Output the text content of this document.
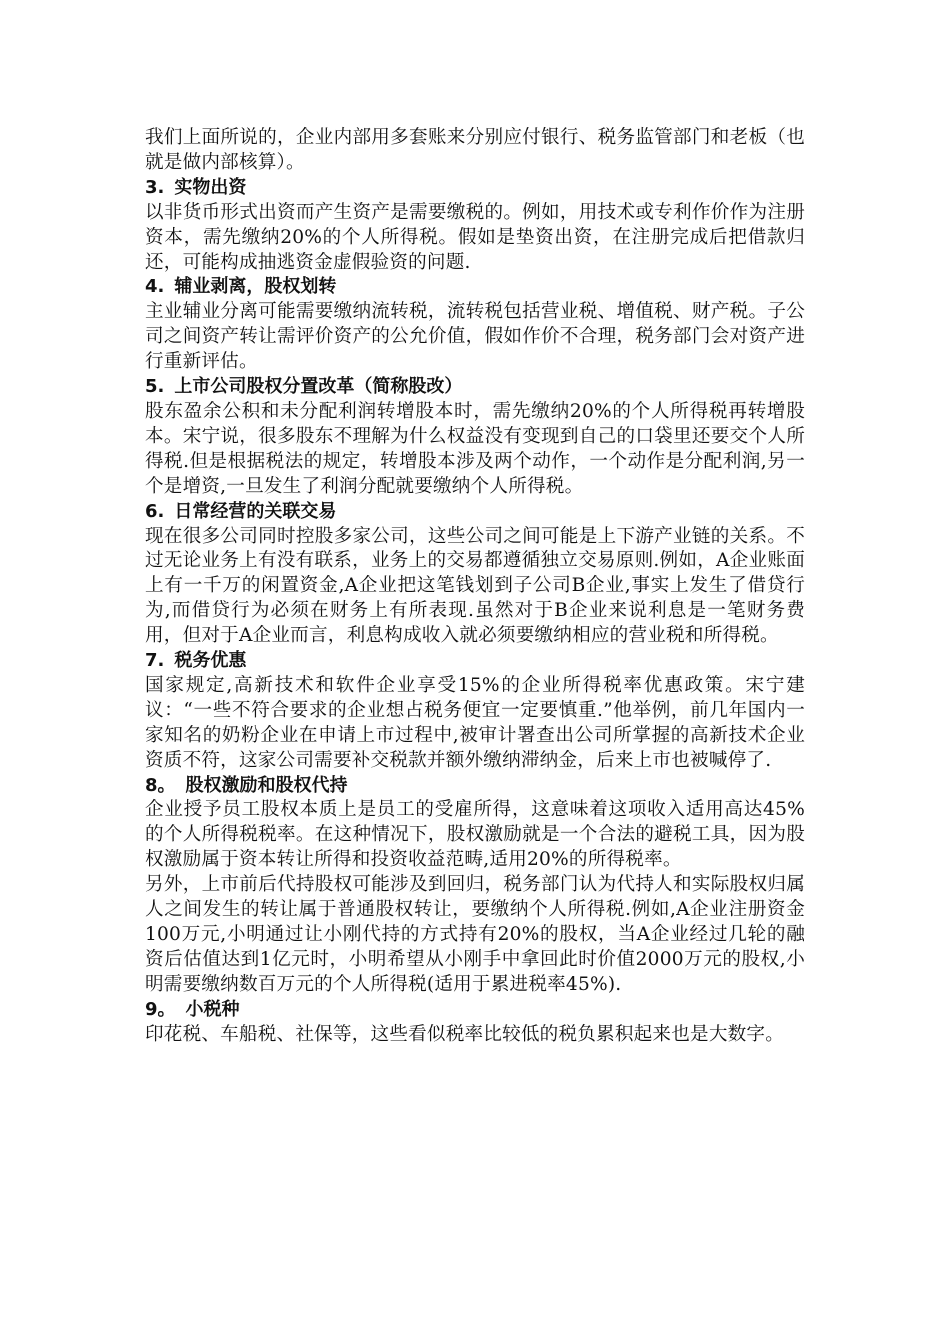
我们上面所说的，企业内部用多套账来分别应付银行、税务监管部门和老板（也就是做内部核算）。

3. 实物出资

以非货币形式出资而产生资产是需要缴税的。例如，用技术或专利作价作为注册资本，需先缴纳20%的个人所得税。假如是垫资出资，在注册完成后把借款归还，可能构成抽逃资金虚假验资的问题.

4. 辅业剥离，股权划转

主业辅业分离可能需要缴纳流转税，流转税包括营业税、增值税、财产税。子公司之间资产转让需评价资产的公允价值，假如作价不合理，税务部门会对资产进行重新评估。

5. 上市公司股权分置改革（简称股改）

股东盈余公积和未分配利润转增股本时，需先缴纳20%的个人所得税再转增股本。宋宁说，很多股东不理解为什么权益没有变现到自己的口袋里还要交个人所得税.但是根据税法的规定，转增股本涉及两个动作，一个动作是分配利润,另一个是增资,一旦发生了利润分配就要缴纳个人所得税。

6. 日常经营的关联交易

现在很多公司同时控股多家公司，这些公司之间可能是上下游产业链的关系。不过无论业务上有没有联系，业务上的交易都遵循独立交易原则.例如，A企业账面上有一千万的闲置资金,A企业把这笔钱划到子公司B企业,事实上发生了借贷行为,而借贷行为必须在财务上有所表现.虽然对于B企业来说利息是一笔财务费用，但对于A企业而言，利息构成收入就必须要缴纳相应的营业税和所得税。

7. 税务优惠

国家规定,高新技术和软件企业享受15%的企业所得税率优惠政策。宋宁建议：“一些不符合要求的企业想占税务便宜一定要慎重.”他举例，前几年国内一家知名的奶粉企业在申请上市过程中,被审计署查出公司所掌握的高新技术企业资质不符，这家公司需要补交税款并额外缴纳滞纳金，后来上市也被喊停了.

8。 股权激励和股权代持

企业授予员工股权本质上是员工的受雇所得，这意味着这项收入适用高达45%的个人所得税税率。在这种情况下，股权激励就是一个合法的避税工具，因为股权激励属于资本转让所得和投资收益范畴,适用20%的所得税率。

另外，上市前后代持股权可能涉及到回归，税务部门认为代持人和实际股权归属人之间发生的转让属于普通股权转让，要缴纳个人所得税.例如,A企业注册资金100万元,小明通过让小刚代持的方式持有20%的股权，当A企业经过几轮的融资后估值达到1亿元时，小明希望从小刚手中拿回此时价值2000万元的股权,小明需要缴纳数百万元的个人所得税(适用于累进税率45%).

9。 小税种

印花税、车船税、社保等，这些看似税率比较低的税负累积起来也是大数字。
